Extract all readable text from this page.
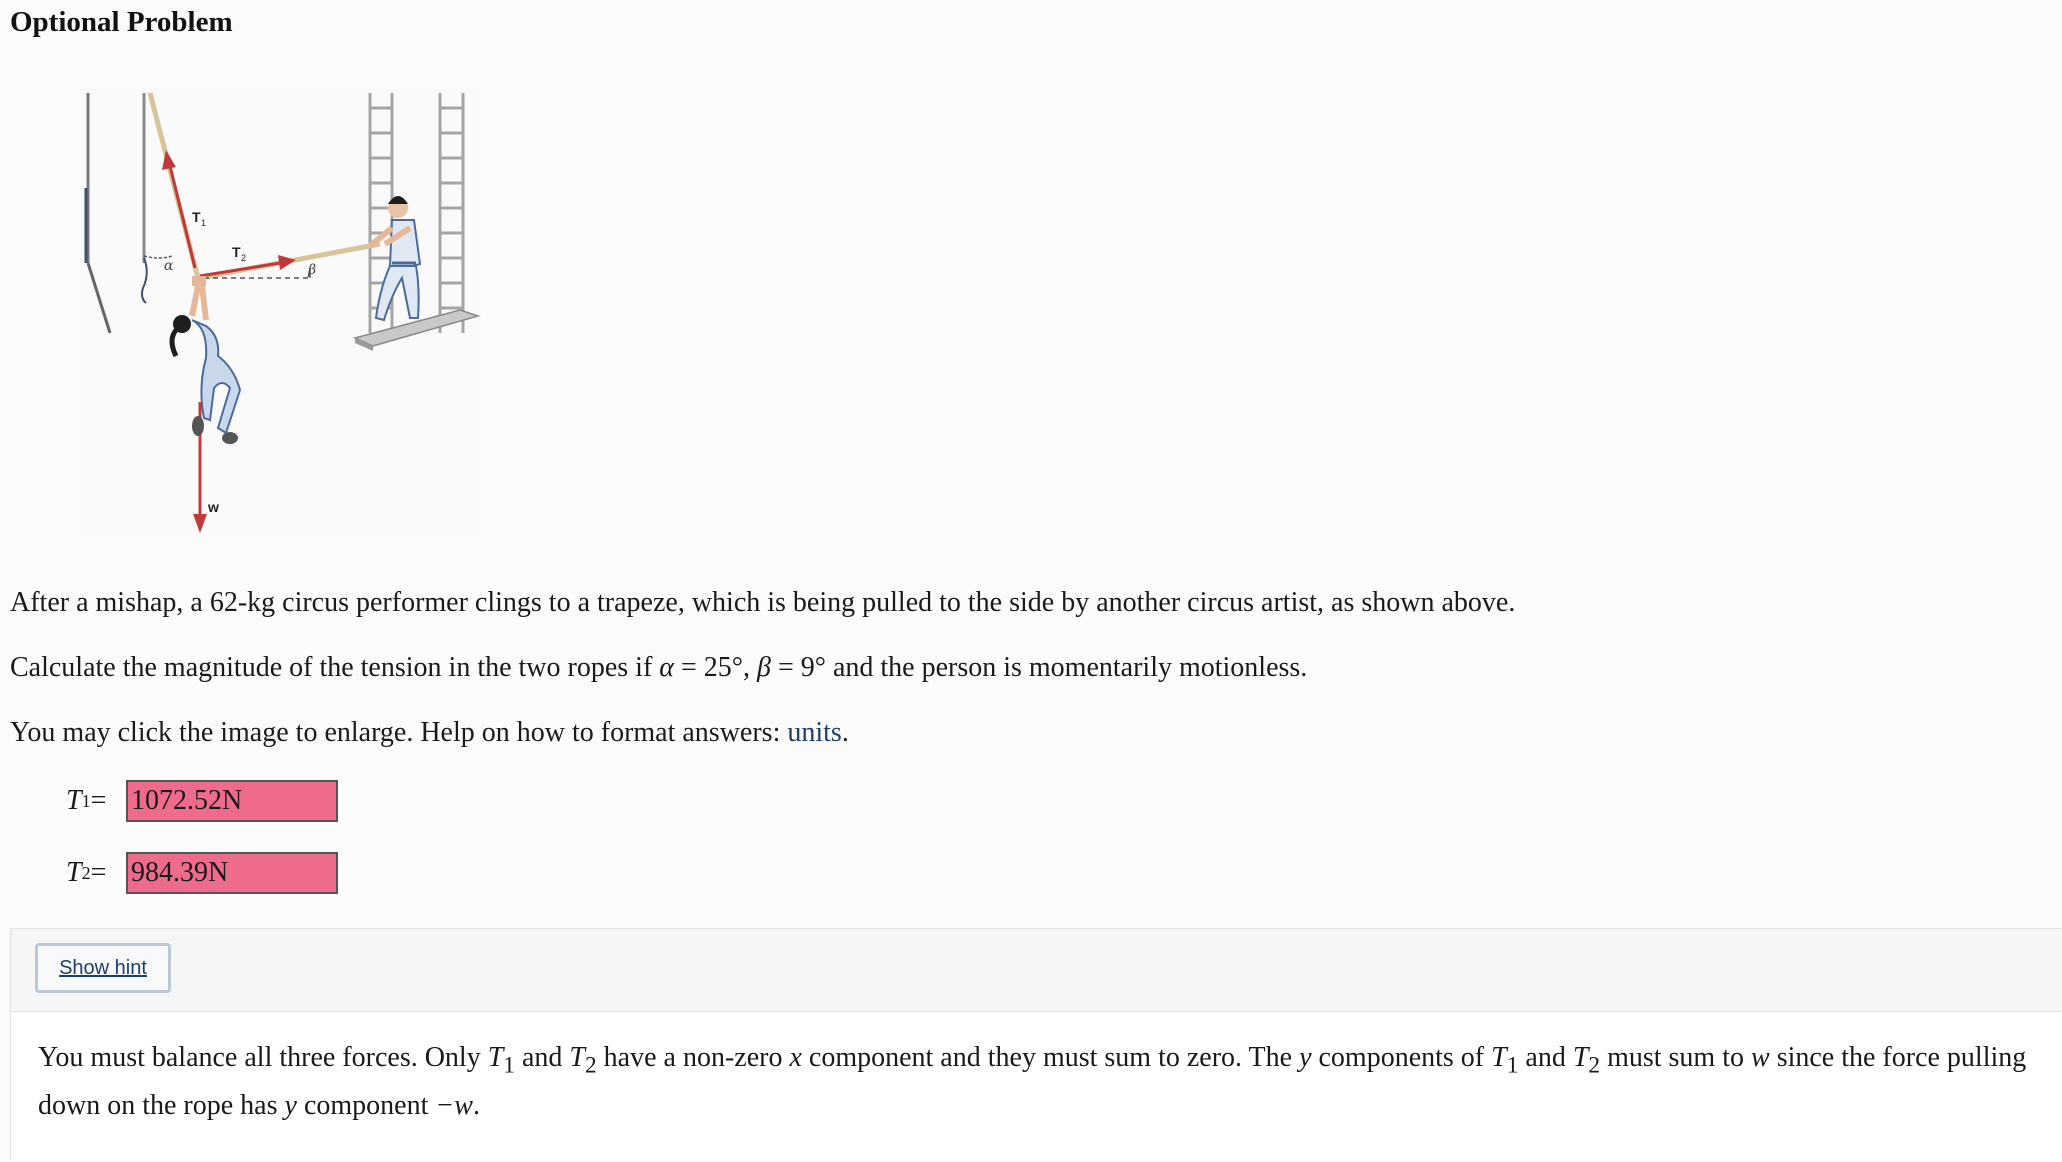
Optional Problem
T 1
T 2
α	β
w
After a mishap, a 62-kg circus performer clings to a trapeze, which is being pulled to the side by another circus artist, as shown above.
Calculate the magnitude of the tension in the two ropes if α = 25°, β = 9° and the person is momentarily motionless.
You may click the image to enlarge. Help on how to format answers: units.
T 1 =
1072.52N
T 2 =
984.39N
Show hint
You must balance all three forces. Only $T_1$ and $T_2$ have a non-zero x component and they must sum to zero. The y components of $T_1$ and $T_2$ must sum to w since the force pulling down on the rope has y component −w.
